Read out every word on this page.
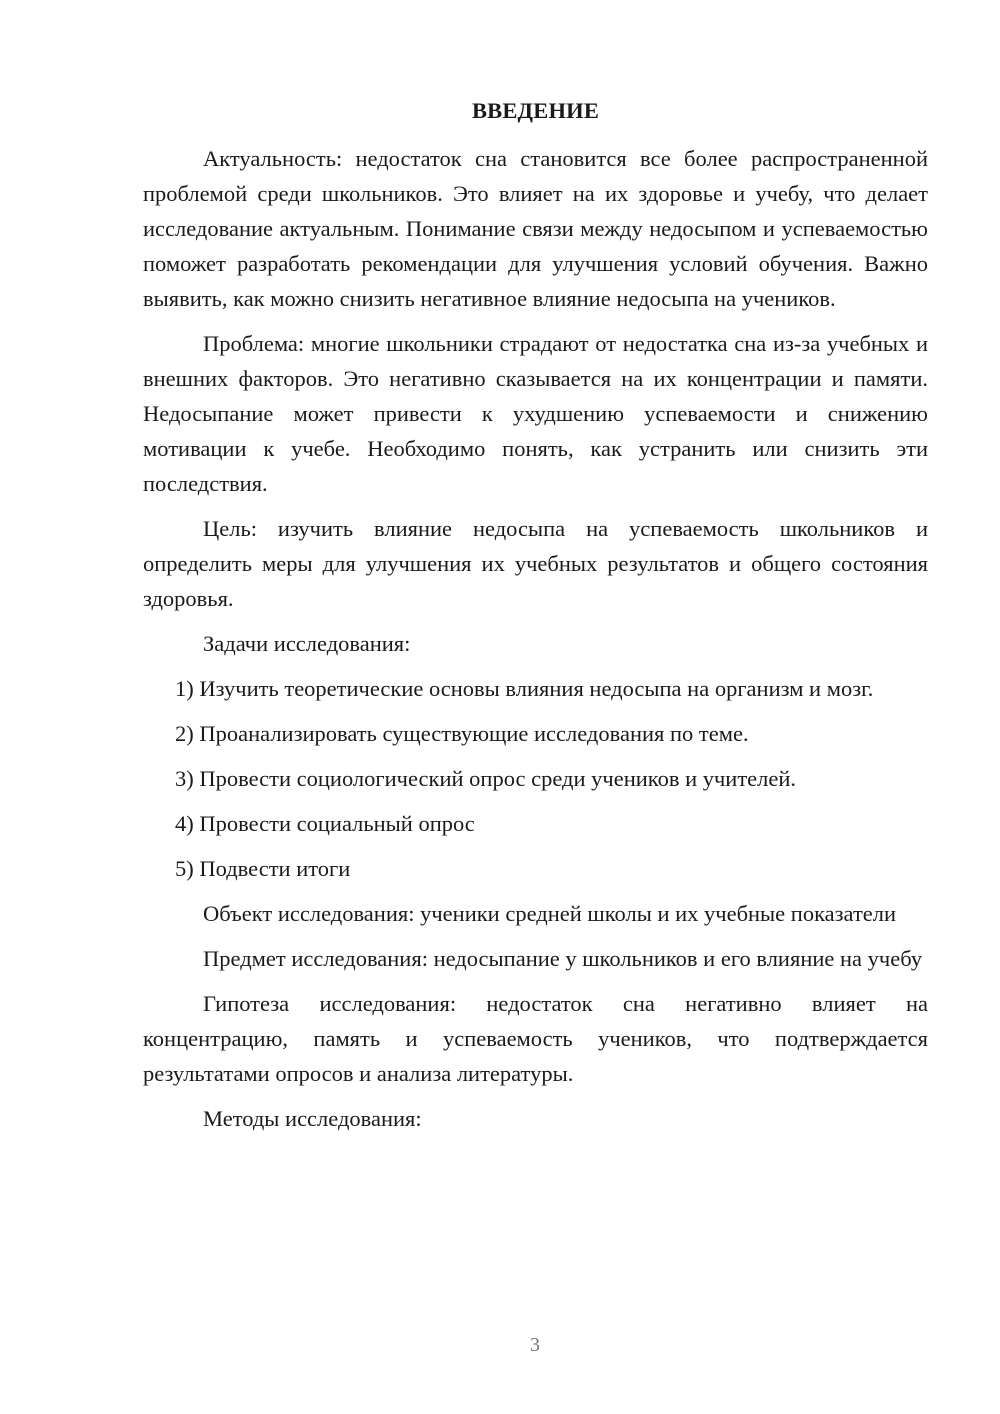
ВВЕДЕНИЕ

Актуальность: недостаток сна становится все более распространенной проблемой среди школьников. Это влияет на их здоровье и учебу, что делает исследование актуальным. Понимание связи между недосыпом и успеваемостью поможет разработать рекомендации для улучшения условий обучения. Важно выявить, как можно снизить негативное влияние недосыпа на учеников.

Проблема: многие школьники страдают от недостатка сна из-за учебных и внешних факторов. Это негативно сказывается на их концентрации и памяти. Недосыпание может привести к ухудшению успеваемости и снижению мотивации к учебе. Необходимо понять, как устранить или снизить эти последствия.

Цель: изучить влияние недосыпа на успеваемость школьников и определить меры для улучшения их учебных результатов и общего состояния здоровья.

Задачи исследования:

1) Изучить теоретические основы влияния недосыпа на организм и мозг.

2) Проанализировать существующие исследования по теме.

3) Провести социологический опрос среди учеников и учителей.

4) Провести социальный опрос

5) Подвести итоги

Объект исследования: ученики средней школы и их учебные показатели

Предмет исследования: недосыпание у школьников и его влияние на учебу

Гипотеза исследования: недостаток сна негативно влияет на концентрацию, память и успеваемость учеников, что подтверждается результатами опросов и анализа литературы.

Методы исследования:

3
